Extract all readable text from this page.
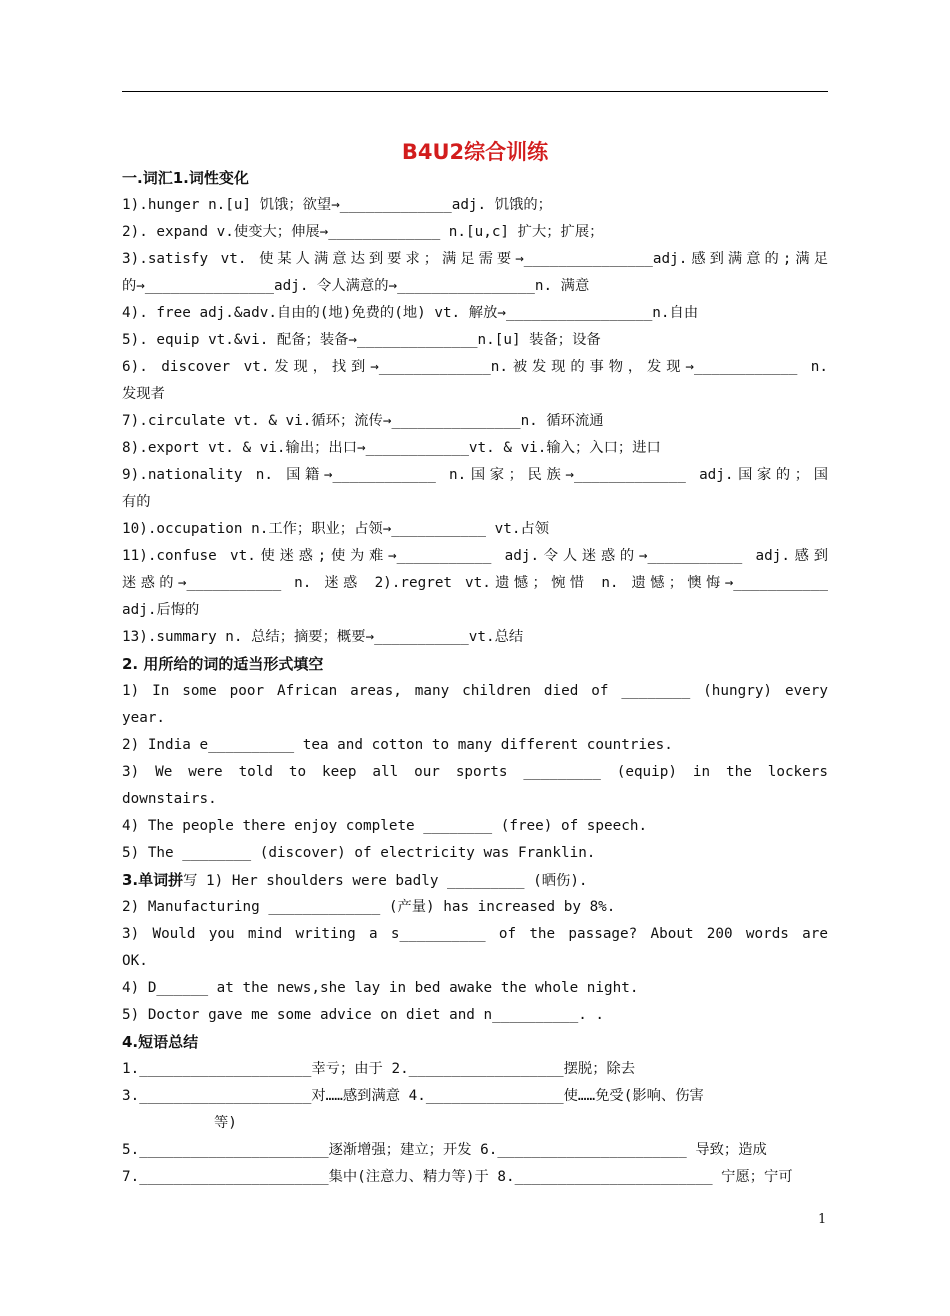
B4U2综合训练
一.词汇1.词性变化
1).hunger n.[u] 饥饿；欲望→_____________adj. 饥饿的；
2). expand v.使变大；伸展→_____________ n.[u,c] 扩大；扩展；
3).satisfy vt. 使某人满意达到要求；满足需要→_______________adj.感到满意的;满足
的→_______________adj. 令人满意的→________________n. 满意
4). free adj.&adv.自由的(地)免费的(地) vt. 解放→_________________n.自由
5). equip vt.&vi. 配备；装备→______________n.[u] 装备；设备
6). discover vt.发现，找到→_____________n.被发现的事物，发现→____________ n.
发现者
7).circulate vt. & vi.循环；流传→_______________n. 循环流通
8).export vt. & vi.输出；出口→____________vt. & vi.输入；入口；进口
9).nationality n. 国籍→____________ n.国家；民族→_____________ adj.国家的；国
有的
10).occupation n.工作；职业；占领→___________ vt.占领
11).confuse vt.使迷惑;使为难→___________ adj.令人迷惑的→___________ adj.感到
迷惑的→___________ n. 迷惑 2).regret vt.遗憾；惋惜 n. 遗憾；懊悔→___________
adj.后悔的
13).summary n. 总结；摘要；概要→___________vt.总结
2. 用所给的词的适当形式填空
1) In some poor African areas, many children died of ________ (hungry) every
year.
2) India e__________ tea and cotton to many different countries.
3) We were told to keep all our sports _________ (equip) in the lockers
downstairs.
4) The people there enjoy complete ________ (free) of speech.
5) The ________ (discover) of electricity was Franklin.
3.单词拼写 1) Her shoulders were badly _________ (晒伤).
2) Manufacturing _____________ (产量) has increased by 8%.
3) Would you mind writing a s__________ of the passage? About 200 words are
OK.
4) D______ at the news,she lay in bed awake the whole night.
5) Doctor gave me some advice on diet and n__________. .
4.短语总结
1.____________________幸亏；由于 2.__________________摆脱；除去
3.____________________对……感到满意 4.________________使……免受(影响、伤害
等)
5.______________________逐渐增强；建立；开发 6.______________________ 导致；造成
7.______________________集中(注意力、精力等)于 8._______________________ 宁愿；宁可
1
